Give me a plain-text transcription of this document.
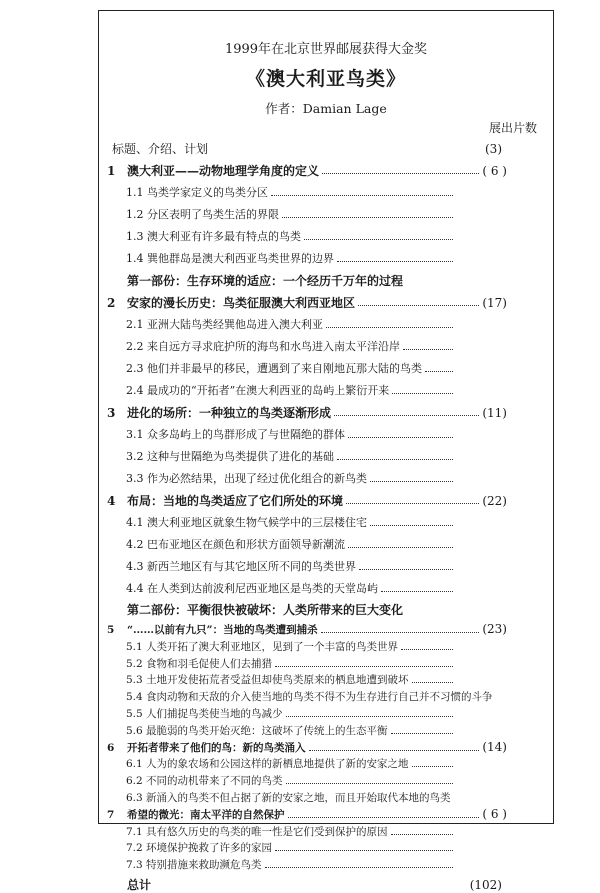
1999年在北京世界邮展获得大金奖
《澳大利亚鸟类》
作者：Damian Lage
展出片数
标题、介绍、计划	(3)
1 澳大利亚——动物地理学角度的定义	( 6 )
1.1 鸟类学家定义的鸟类分区
1.2 分区表明了鸟类生活的界限
1.3 澳大利亚有许多最有特点的鸟类
1.4 巽他群岛是澳大利西亚鸟类世界的边界
第一部份：生存环境的适应：一个经历千万年的过程
2 安家的漫长历史：鸟类征服澳大利西亚地区	(17)
2.1 亚洲大陆鸟类经巽他岛进入澳大利亚
2.2 来自远方寻求庇护所的海鸟和水鸟进入南太平洋沿岸
2.3 他们并非最早的移民，遭遇到了来自刚地瓦那大陆的鸟类
2.4 最成功的“开拓者”在澳大利西亚的岛屿上繁衍开来
3 进化的场所：一种独立的鸟类逐渐形成	(11)
3.1 众多岛屿上的鸟群形成了与世隔绝的群体
3.2 这种与世隔绝为鸟类提供了进化的基础
3.3 作为必然结果，出现了经过优化组合的新鸟类
4 布局：当地的鸟类适应了它们所处的环境	(22)
4.1 澳大利亚地区就象生物气候学中的三层楼住宅
4.2 巴布亚地区在颜色和形状方面领导新潮流
4.3 新西兰地区有与其它地区所不同的鸟类世界
4.4 在人类到达前波利尼西亚地区是鸟类的天堂岛屿
第二部份：平衡很快被破坏：人类所带来的巨大变化
5	“……以前有九只”：当地的鸟类遭到捕杀	(23)
5.1 人类开拓了澳大利亚地区，见到了一个丰富的鸟类世界
5.2 食物和羽毛促使人们去捕猎
5.3 土地开发使拓荒者受益但却使鸟类原来的栖息地遭到破坏
5.4 食肉动物和天敌的介入使当地的鸟类不得不为生存进行自己并不习惯的斗争
5.5 人们捕捉鸟类使当地的鸟减少
5.6 最脆弱的鸟类开始灭绝：这破坏了传统上的生态平衡
6	开拓者带来了他们的鸟：新的鸟类涌入	(14)
6.1 人为的象农场和公园这样的新栖息地提供了新的安家之地
6.2 不同的动机带来了不同的鸟类
6.3 新涌入的鸟类不但占据了新的安家之地，而且开始取代本地的鸟类
7	希望的微光：南太平洋的自然保护	( 6 )
7.1 具有悠久历史的鸟类的唯一性是它们受到保护的原因
7.2 环境保护挽救了许多的家园
7.3 特别措施来救助濒危鸟类
总计	(102)
